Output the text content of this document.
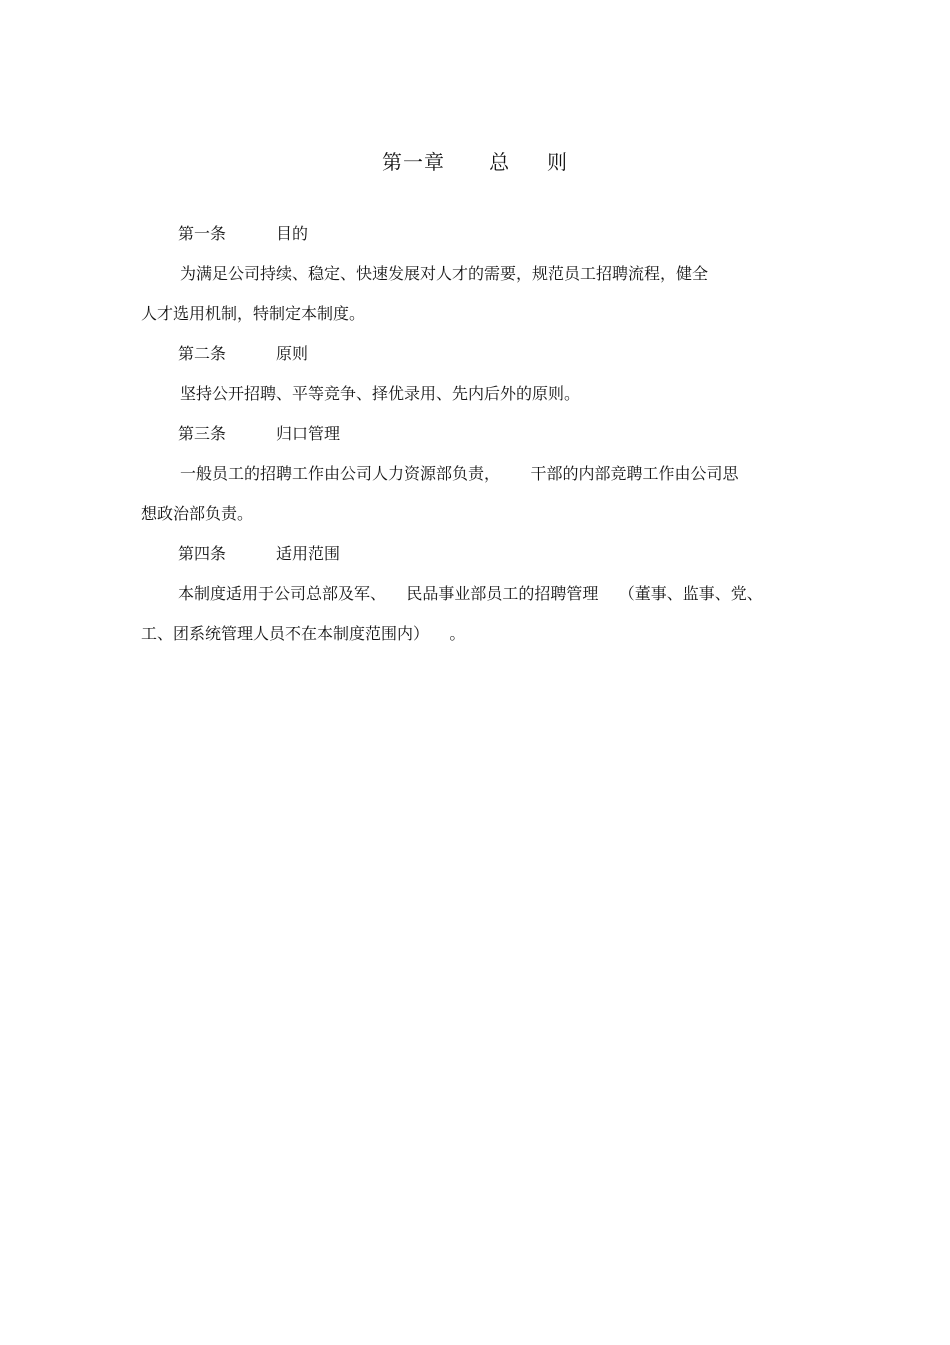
第一章      总     则
第一条	目的
为满足公司持续、稳定、快速发展对人才的需要，规范员工招聘流程，健全
人才选用机制，特制定本制度。
第二条	原则
坚持公开招聘、平等竞争、择优录用、先内后外的原则。
第三条	归口管理
一般员工的招聘工作由公司人力资源部负责，      干部的内部竞聘工作由公司思
想政治部负责。
第四条	适用范围
本制度适用于公司总部及军、    民品事业部员工的招聘管理    （董事、监事、党、
工、团系统管理人员不在本制度范围内）    。
